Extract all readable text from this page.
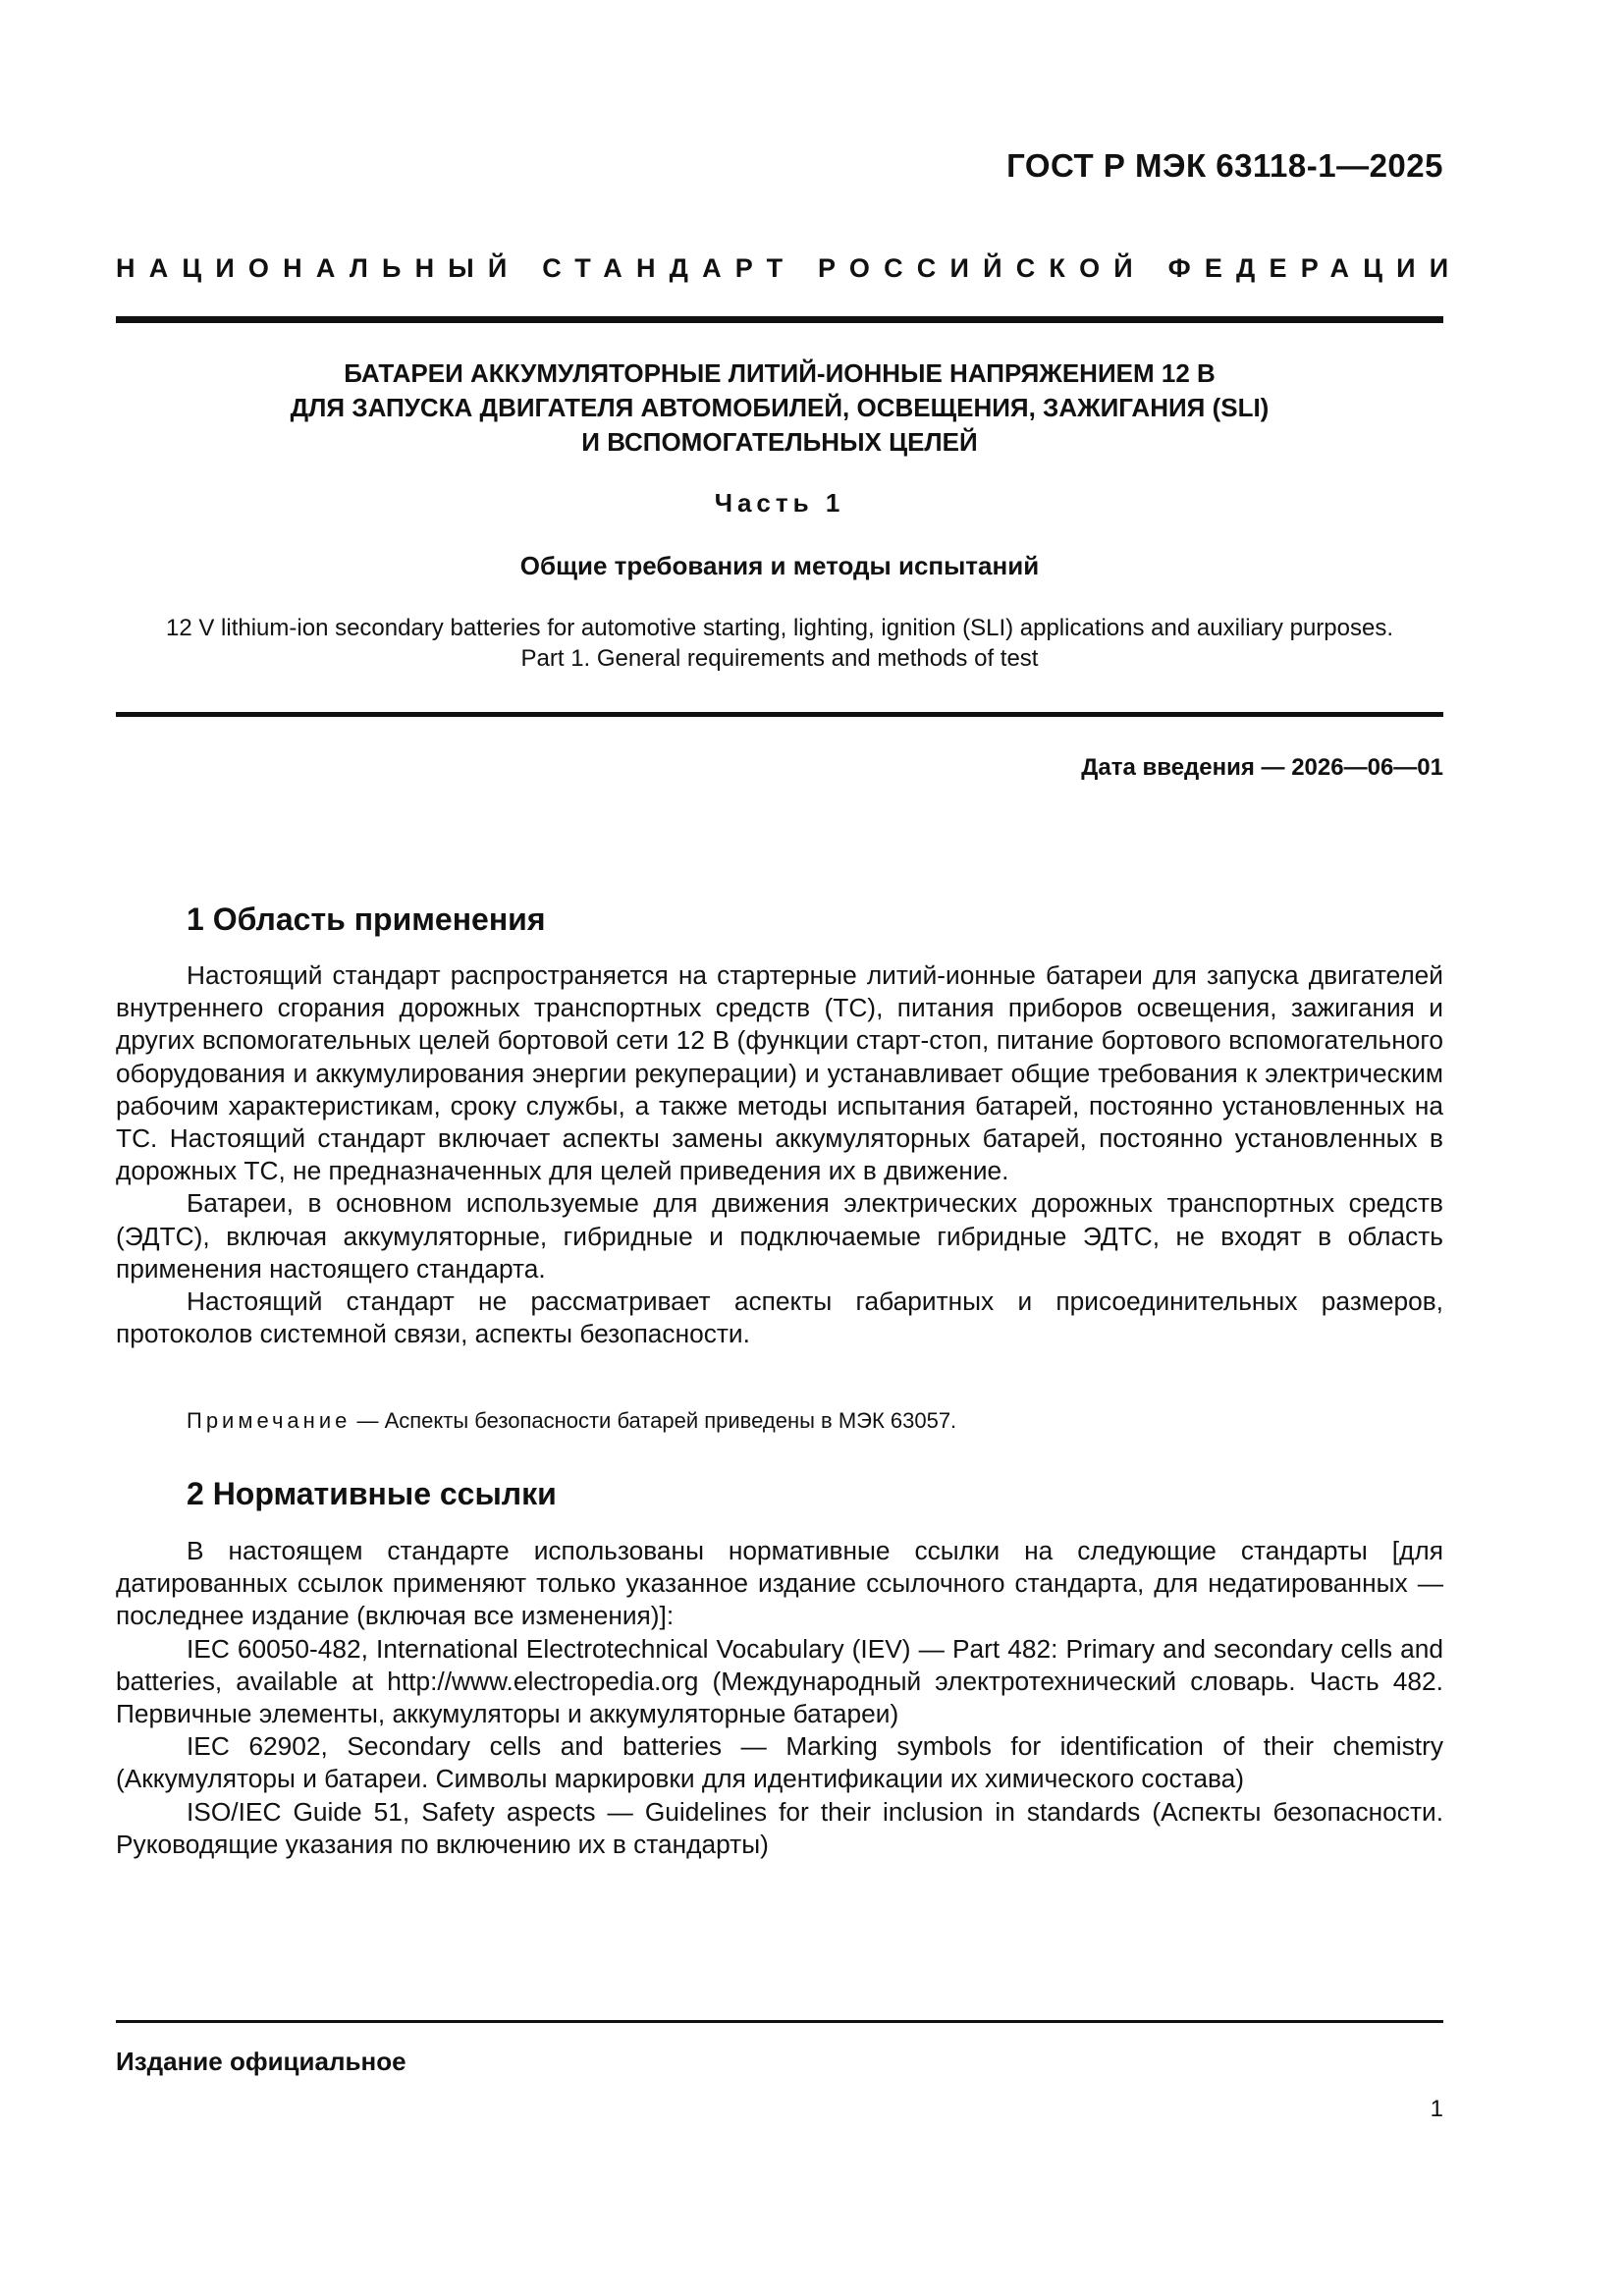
ГОСТ Р МЭК 63118-1—2025
НАЦИОНАЛЬНЫЙ СТАНДАРТ РОССИЙСКОЙ ФЕДЕРАЦИИ
БАТАРЕИ АККУМУЛЯТОРНЫЕ ЛИТИЙ-ИОННЫЕ НАПРЯЖЕНИЕМ 12 В
ДЛЯ ЗАПУСКА ДВИГАТЕЛЯ АВТОМОБИЛЕЙ, ОСВЕЩЕНИЯ, ЗАЖИГАНИЯ (SLI)
И ВСПОМОГАТЕЛЬНЫХ ЦЕЛЕЙ
Часть 1
Общие требования и методы испытаний
12 V lithium-ion secondary batteries for automotive starting, lighting, ignition (SLI) applications and auxiliary purposes.
Part 1. General requirements and methods of test
Дата введения — 2026—06—01
1 Область применения

Настоящий стандарт распространяется на стартерные литий-ионные батареи для запуска двигателей внутреннего сгорания дорожных транспортных средств (ТС), питания приборов освещения, зажигания и других вспомогательных целей бортовой сети 12 В (функции старт-стоп, питание бортового вспомогательного оборудования и аккумулирования энергии рекуперации) и устанавливает общие требования к электрическим рабочим характеристикам, сроку службы, а также методы испытания батарей, постоянно установленных на ТС. Настоящий стандарт включает аспекты замены аккумуляторных батарей, постоянно установленных в дорожных ТС, не предназначенных для целей приведения их в движение.

Батареи, в основном используемые для движения электрических дорожных транспортных средств (ЭДТС), включая аккумуляторные, гибридные и подключаемые гибридные ЭДТС, не входят в область применения настоящего стандарта.

Настоящий стандарт не рассматривает аспекты габаритных и присоединительных размеров, протоколов системной связи, аспекты безопасности.

Примечание — Аспекты безопасности батарей приведены в МЭК 63057.
2 Нормативные ссылки

В настоящем стандарте использованы нормативные ссылки на следующие стандарты [для датированных ссылок применяют только указанное издание ссылочного стандарта, для недатированных — последнее издание (включая все изменения)]:

IEC 60050-482, International Electrotechnical Vocabulary (IEV) — Part 482: Primary and secondary cells and batteries, available at http://www.electropedia.org (Международный электротехнический словарь. Часть 482. Первичные элементы, аккумуляторы и аккумуляторные батареи)

IEC 62902, Secondary cells and batteries — Marking symbols for identification of their chemistry (Аккумуляторы и батареи. Символы маркировки для идентификации их химического состава)

ISO/IEC Guide 51, Safety aspects — Guidelines for their inclusion in standards (Аспекты безопасности. Руководящие указания по включению их в стандарты)

Издание официальное
1
